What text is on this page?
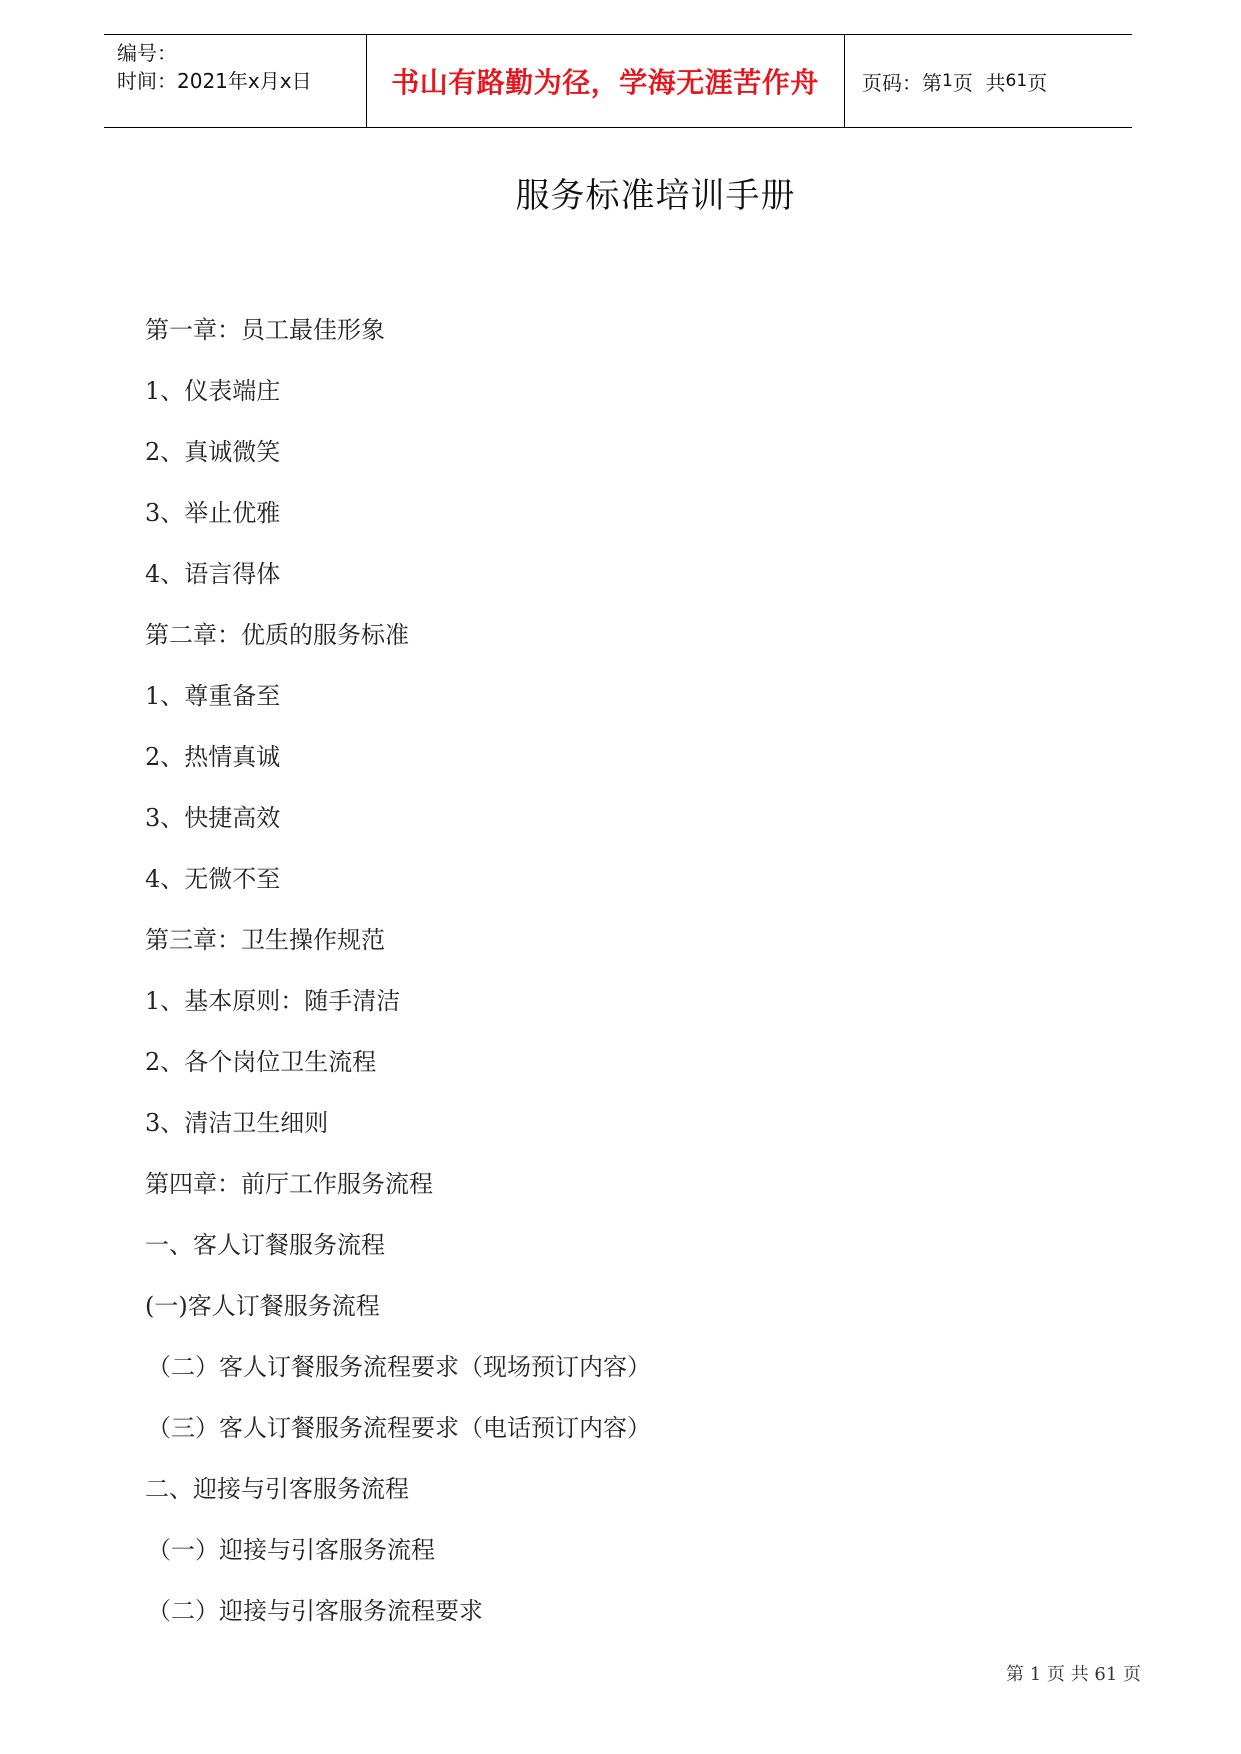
编号：
时间：2021年x月x日	书山有路勤为径，学海无涯苦作舟	页码：第 1 页  共 61 页
服务标准培训手册
第一章：员工最佳形象
1、仪表端庄
2、真诚微笑
3、举止优雅
4、语言得体
第二章：优质的服务标准
1、尊重备至
2、热情真诚
3、快捷高效
4、无微不至
第三章：卫生操作规范
1、基本原则：随手清洁
2、各个岗位卫生流程
3、清洁卫生细则
第四章：前厅工作服务流程
一、客人订餐服务流程
(一)客人订餐服务流程
（二）客人订餐服务流程要求（现场预订内容）
（三）客人订餐服务流程要求（电话预订内容）
二、迎接与引客服务流程
（一）迎接与引客服务流程
（二）迎接与引客服务流程要求
第 1 页 共 61 页
